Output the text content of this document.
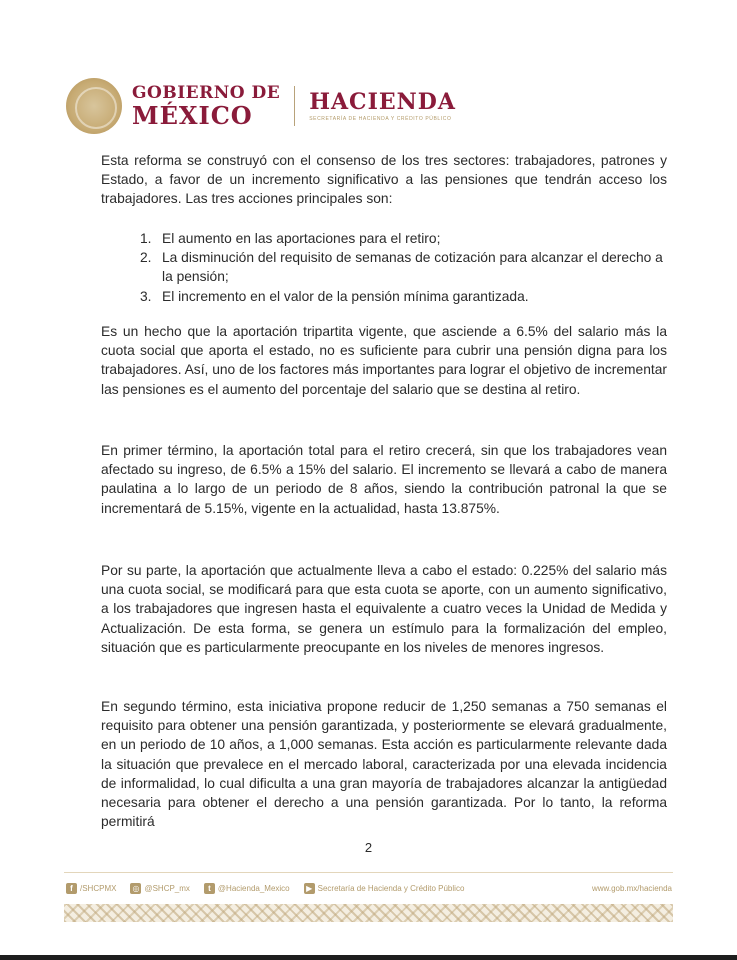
GOBIERNO DE
MÉXICO	HACIENDA
SECRETARÍA DE HACIENDA Y CRÉDITO PÚBLICO

Esta reforma se construyó con el consenso de los tres sectores: trabajadores, patrones y Estado, a favor de un incremento significativo a las pensiones que tendrán acceso los trabajadores. Las tres acciones principales son:

1. El aumento en las aportaciones para el retiro;
2. La disminución del requisito de semanas de cotización para alcanzar el derecho a la pensión;
3. El incremento en el valor de la pensión mínima garantizada.

Es un hecho que la aportación tripartita vigente, que asciende a 6.5% del salario más la cuota social que aporta el estado, no es suficiente para cubrir una pensión digna para los trabajadores. Así, uno de los factores más importantes para lograr el objetivo de incrementar las pensiones es el aumento del porcentaje del salario que se destina al retiro.

En primer término, la aportación total para el retiro crecerá, sin que los trabajadores vean afectado su ingreso, de 6.5% a 15% del salario. El incremento se llevará a cabo de manera paulatina a lo largo de un periodo de 8 años, siendo la contribución patronal la que se incrementará de 5.15%, vigente en la actualidad, hasta 13.875%.

Por su parte, la aportación que actualmente lleva a cabo el estado: 0.225% del salario más una cuota social, se modificará para que esta cuota se aporte, con un aumento significativo, a los trabajadores que ingresen hasta el equivalente a cuatro veces la Unidad de Medida y Actualización. De esta forma, se genera un estímulo para la formalización del empleo, situación que es particularmente preocupante en los niveles de menores ingresos.

En segundo término, esta iniciativa propone reducir de 1,250 semanas a 750 semanas el requisito para obtener una pensión garantizada, y posteriormente se elevará gradualmente, en un periodo de 10 años, a 1,000 semanas. Esta acción es particularmente relevante dada la situación que prevalece en el mercado laboral, caracterizada por una elevada incidencia de informalidad, lo cual dificulta a una gran mayoría de trabajadores alcanzar la antigüedad necesaria para obtener el derecho a una pensión garantizada. Por lo tanto, la reforma permitirá

2
f /SHCPMX ◎ @SHCP_mx	t @Hacienda_Mexico	▶ Secretaría de Hacienda y Crédito Público	www.gob.mx/hacienda
